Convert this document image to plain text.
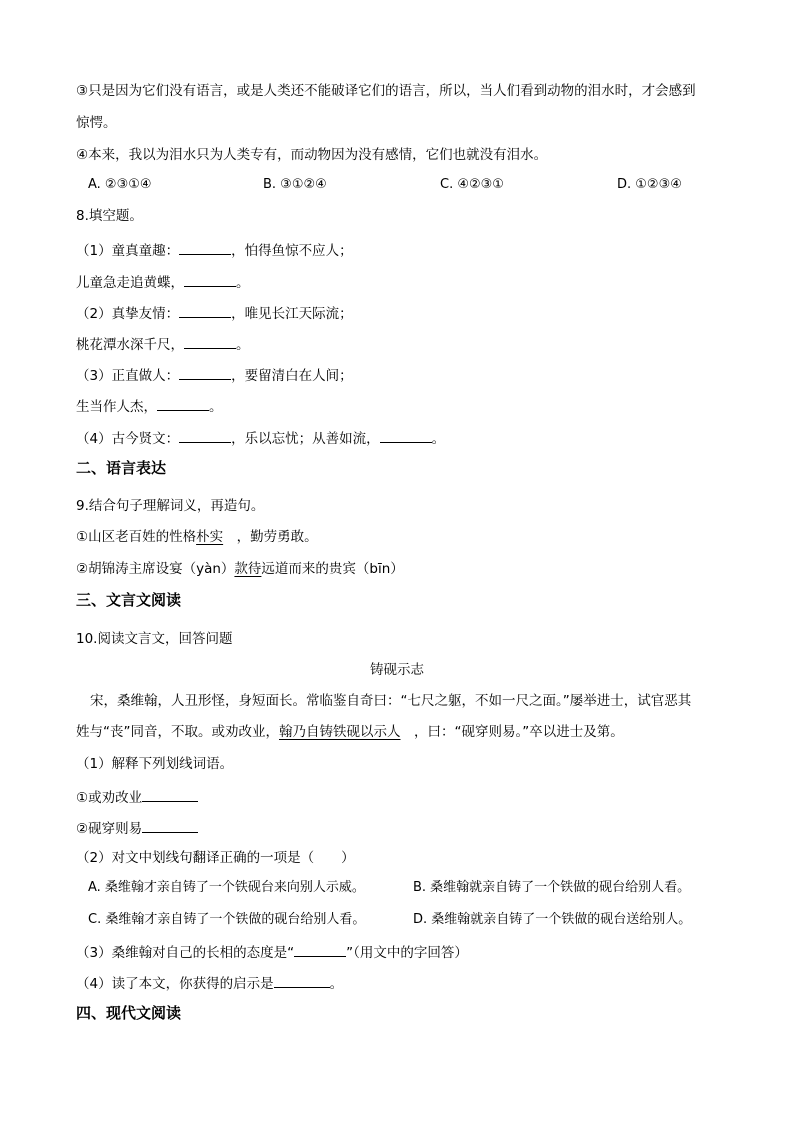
③只是因为它们没有语言，或是人类还不能破译它们的语言，所以，当人们看到动物的泪水时，才会感到
惊愕。
④本来，我以为泪水只为人类专有，而动物因为没有感情，它们也就没有泪水。
A. ②③①④	B. ③①②④	C. ④②③①	D. ①②③④
8.填空题。
（1）童真童趣：	，怕得鱼惊不应人；
儿童急走追黄蝶，	。
（2）真挚友情：	，唯见长江天际流；
桃花潭水深千尺，	。
（3）正直做人：	，要留清白在人间；
生当作人杰，	。
（4）古今贤文：	，乐以忘忧；从善如流，	。
二、语言表达
9.结合句子理解词义，再造句。
①山区老百姓的性格朴实　，勤劳勇敢。
②胡锦涛主席设宴（yàn）款待远道而来的贵宾（bīn）
三、文言文阅读
10.阅读文言文，回答问题
铸砚示志
宋，桑维翰，人丑形怪，身短面长。常临鉴自奇曰：“七尺之躯，不如一尺之面。”屡举进士，试官恶其
姓与“丧”同音，不取。或劝改业，翰乃自铸铁砚以示人　，曰：“砚穿则易。”卒以进士及第。
（1）解释下列划线词语。
①或劝改业
②砚穿则易
（2）对文中划线句翻译正确的一项是（　　）
A. 桑维翰才亲自铸了一个铁砚台来向别人示威。	B. 桑维翰就亲自铸了一个铁做的砚台给别人看。
C. 桑维翰才亲自铸了一个铁做的砚台给别人看。	D. 桑维翰就亲自铸了一个铁做的砚台送给别人。
（3）桑维翰对自己的长相的态度是“	”（用文中的字回答）
（4）读了本文，你获得的启示是	。
四、现代文阅读
